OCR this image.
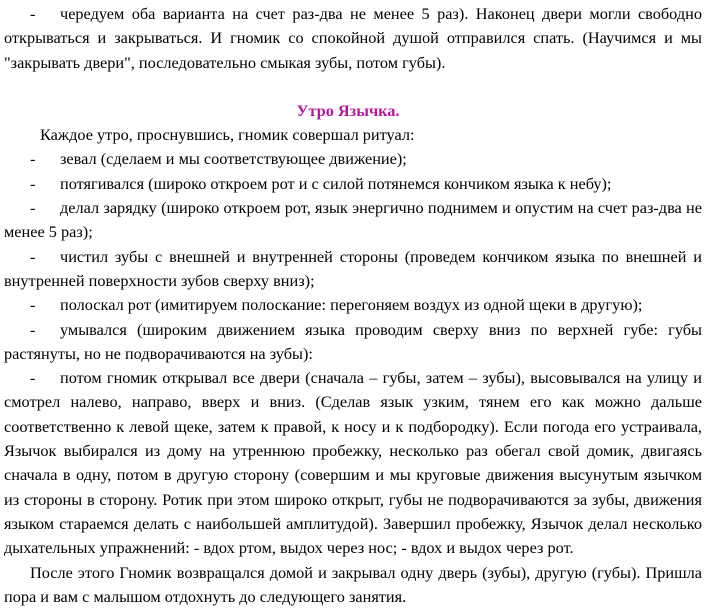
- чередуем оба варианта на счет раз-два не менее 5 раз). Наконец двери могли свободно открываться и закрываться. И гномик со спокойной душой отправился спать. (Научимся и мы "закрывать двери", последовательно смыкая зубы, потом губы).

Утро Язычка.

Каждое утро, проснувшись, гномик совершал ритуал:

- зевал (сделаем и мы соответствующее движение);

- потягивался (широко откроем рот и с силой потянемся кончиком языка к небу);

- делал зарядку (широко откроем рот, язык энергично поднимем и опустим на счет раз-два не менее 5 раз);

- чистил зубы с внешней и внутренней стороны (проведем кончиком языка по внешней и внутренней поверхности зубов сверху вниз);

- полоскал рот (имитируем полоскание: перегоняем воздух из одной щеки в другую);

- умывался (широким движением языка проводим сверху вниз по верхней губе: губы растянуты, но не подворачиваются на зубы):

- потом гномик открывал все двери (сначала – губы, затем – зубы), высовывался на улицу и смотрел налево, направо, вверх и вниз. (Сделав язык узким, тянем его как можно дальше соответственно к левой щеке, затем к правой, к носу и к подбородку). Если погода его устраивала, Язычок выбирался из дому на утреннюю пробежку, несколько раз обегал свой домик, двигаясь сначала в одну, потом в другую сторону (совершим и мы круговые движения высунутым язычком из стороны в сторону. Ротик при этом широко открыт, губы не подворачиваются за зубы, движения языком стараемся делать с наибольшей амплитудой). Завершил пробежку, Язычок делал несколько дыхательных упражнений: - вдох ртом, выдох через нос; - вдох и выдох через рот.

После этого Гномик возвращался домой и закрывал одну дверь (зубы), другую (губы). Пришла пора и вам с малышом отдохнуть до следующего занятия.
